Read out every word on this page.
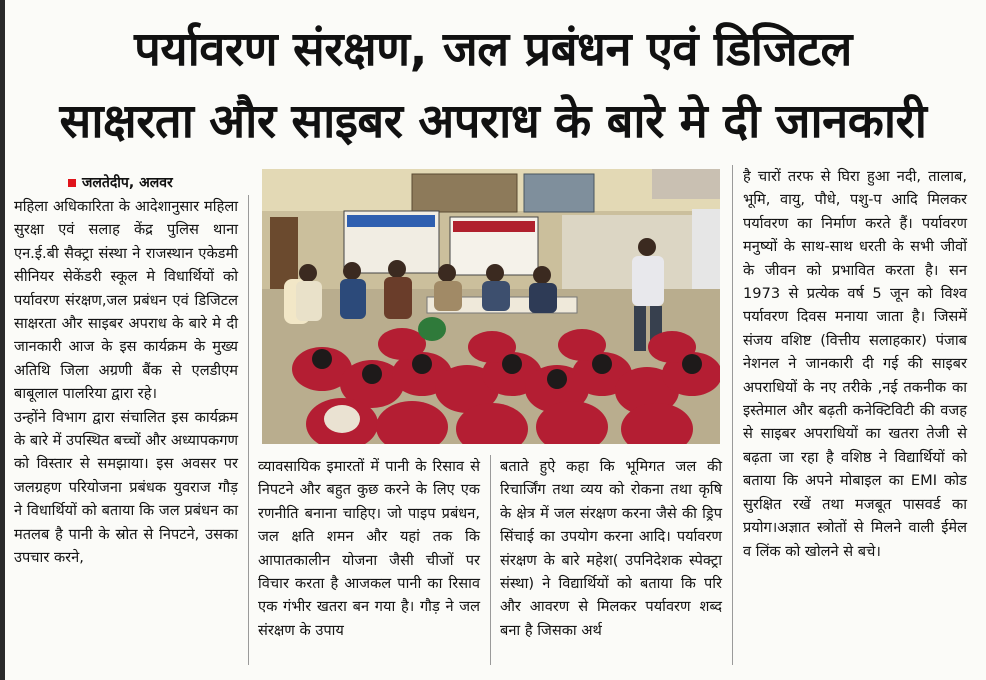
पर्यावरण संरक्षण, जल प्रबंधन एवं डिजिटल
साक्षरता और साइबर अपराध के बारे मे दी जानकारी
जलतेदीप, अलवर

महिला अधिकारिता के आदेशानुसार महिला सुरक्षा एवं सलाह केंद्र पुलिस थाना एन.ई.बी सैक्ट्रा संस्था ने राजस्थान एकेडमी सीनियर सेकेंडरी स्कूल मे विधार्थियों को पर्यावरण संरक्षण,जल प्रबंधन एवं डिजिटल साक्षरता और साइबर अपराध के बारे मे दी जानकारी आज के इस कार्यक्रम के मुख्य अतिथि जिला अग्रणी बैंक से एलडीएम बाबूलाल पालरिया द्वारा रहे।

उन्होंने विभाग द्वारा संचालित इस कार्यक्रम के बारे में उपस्थित बच्चों और अध्यापकगण को विस्तार से समझाया। इस अवसर पर जलग्रहण परियोजना प्रबंधक युवराज गौड़ ने विधार्थियों को बताया कि जल प्रबंधन का मतलब है पानी के स्रोत से निपटने, उसका उपचार करने,

व्यावसायिक इमारतों में पानी के रिसाव से निपटने और बहुत कुछ करने के लिए एक रणनीति बनाना चाहिए। जो पाइप प्रबंधन, जल क्षति शमन और यहां तक कि आपातकालीन योजना जैसी चीजों पर विचार करता है आजकल पानी का रिसाव एक गंभीर खतरा बन गया है। गौड़ ने जल संरक्षण के उपाय

बताते हुऐ कहा कि भूमिगत जल की रिचार्जिंग तथा व्यय को रोकना तथा कृषि के क्षेत्र में जल संरक्षण करना जैसे की ड्रिप सिंचाई का उपयोग करना आदि। पर्यावरण संरक्षण के बारे महेश( उपनिदेशक स्पेक्ट्रा संस्था) ने विद्यार्थियों को बताया कि परि और आवरण से मिलकर पर्यावरण शब्द बना है जिसका अर्थ

है चारों तरफ से घिरा हुआ नदी, तालाब, भूमि, वायु, पौधे, पशु-प आदि मिलकर पर्यावरण का निर्माण करते हैं। पर्यावरण मनुष्यों के साथ-साथ धरती के सभी जीवों के जीवन को प्रभावित करता है। सन 1973 से प्रत्येक वर्ष 5 जून को विश्व पर्यावरण दिवस मनाया जाता है। जिसमें संजय वशिष्ट (वित्तीय सलाहकार) पंजाब नेशनल ने जानकारी दी गई की साइबर अपराधियों के नए तरीके ,नई तकनीक का इस्तेमाल और बढ़ती कनेक्टिविटी की वजह से साइबर अपराधियों का खतरा तेजी से बढ़ता जा रहा है वशिष्ठ ने विद्यार्थियों को बताया कि अपने मोबाइल का EMI कोड सुरक्षित रखें तथा मजबूत पासवर्ड का प्रयोग।अज्ञात स्त्रोतों से मिलने वाली ईमेल व लिंक को खोलने से बचे।
